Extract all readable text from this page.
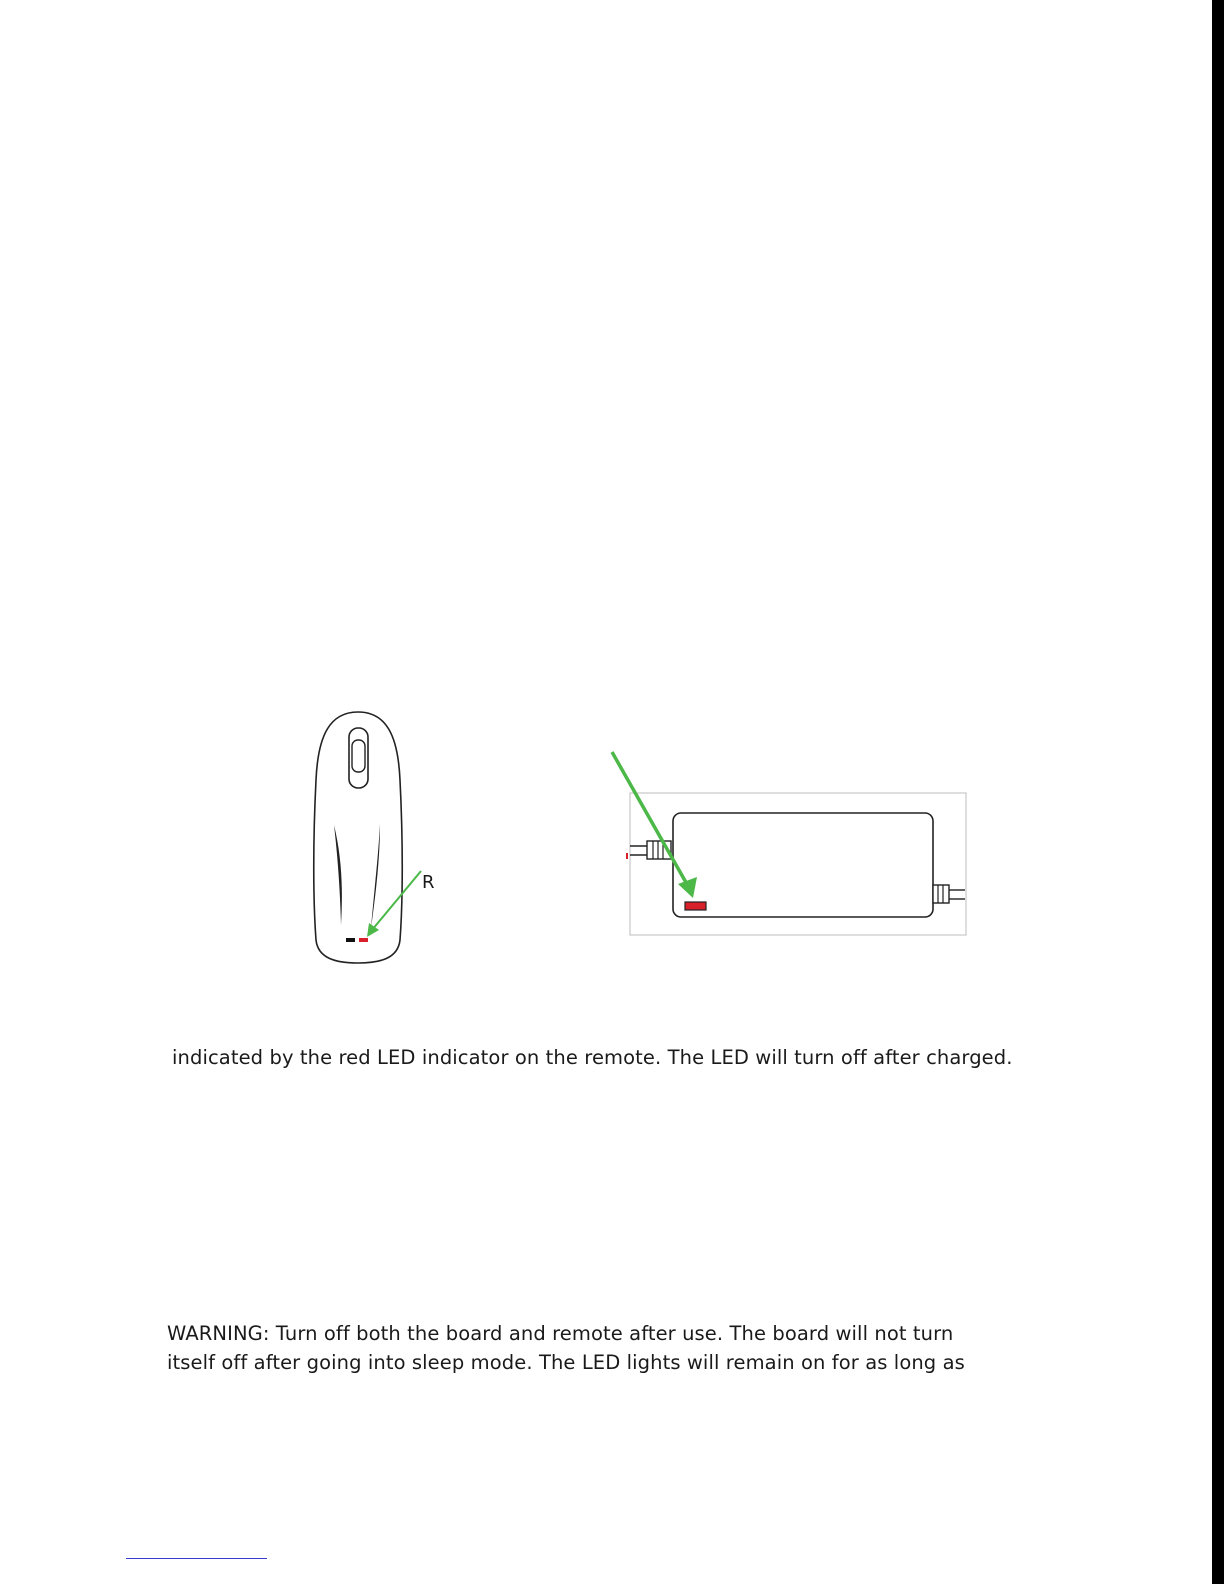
R
indicated by the red LED indicator on the remote. The LED will turn off after charged.
WARNING: Turn off both the board and remote after use. The board will not turn
itself off after going into sleep mode. The LED lights will remain on for as long as
